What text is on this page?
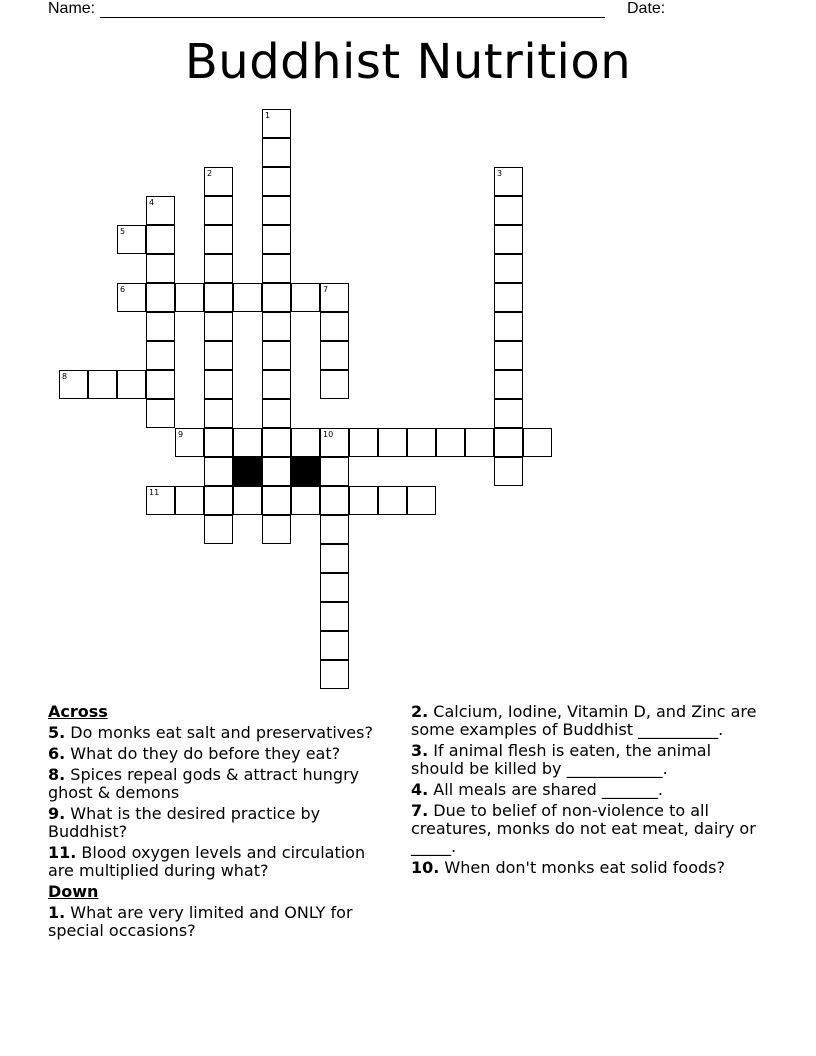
Name:	Date:
Buddhist Nutrition
1
2	3
4
5
6	7
8
9	10
11
Across
5. Do monks eat salt and preservatives?
6. What do they do before they eat?
8. Spices repeal gods & attract hungry ghost & demons
9. What is the desired practice by Buddhist?
11. Blood oxygen levels and circulation are multiplied during what?
Down
1. What are very limited and ONLY for special occasions?
2. Calcium, Iodine, Vitamin D, and Zinc are some examples of Buddhist __________.
3. If animal flesh is eaten, the animal should be killed by ____________.
4. All meals are shared _______.
7. Due to belief of non-violence to all creatures, monks do not eat meat, dairy or _____.
10. When don't monks eat solid foods?
